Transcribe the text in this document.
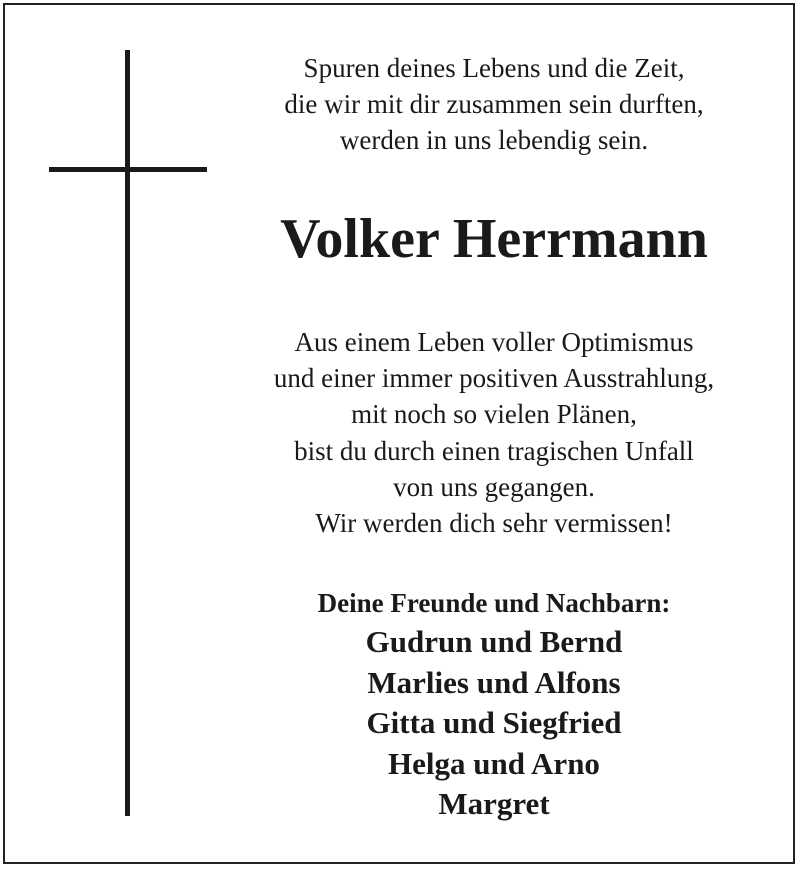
Spuren deines Lebens und die Zeit,
die wir mit dir zusammen sein durften,
werden in uns lebendig sein.
Volker Herrmann
Aus einem Leben voller Optimismus
und einer immer positiven Ausstrahlung,
mit noch so vielen Plänen,
bist du durch einen tragischen Unfall
von uns gegangen.
Wir werden dich sehr vermissen!
Deine Freunde und Nachbarn:
Gudrun und Bernd
Marlies und Alfons
Gitta und Siegfried
Helga und Arno
Margret
